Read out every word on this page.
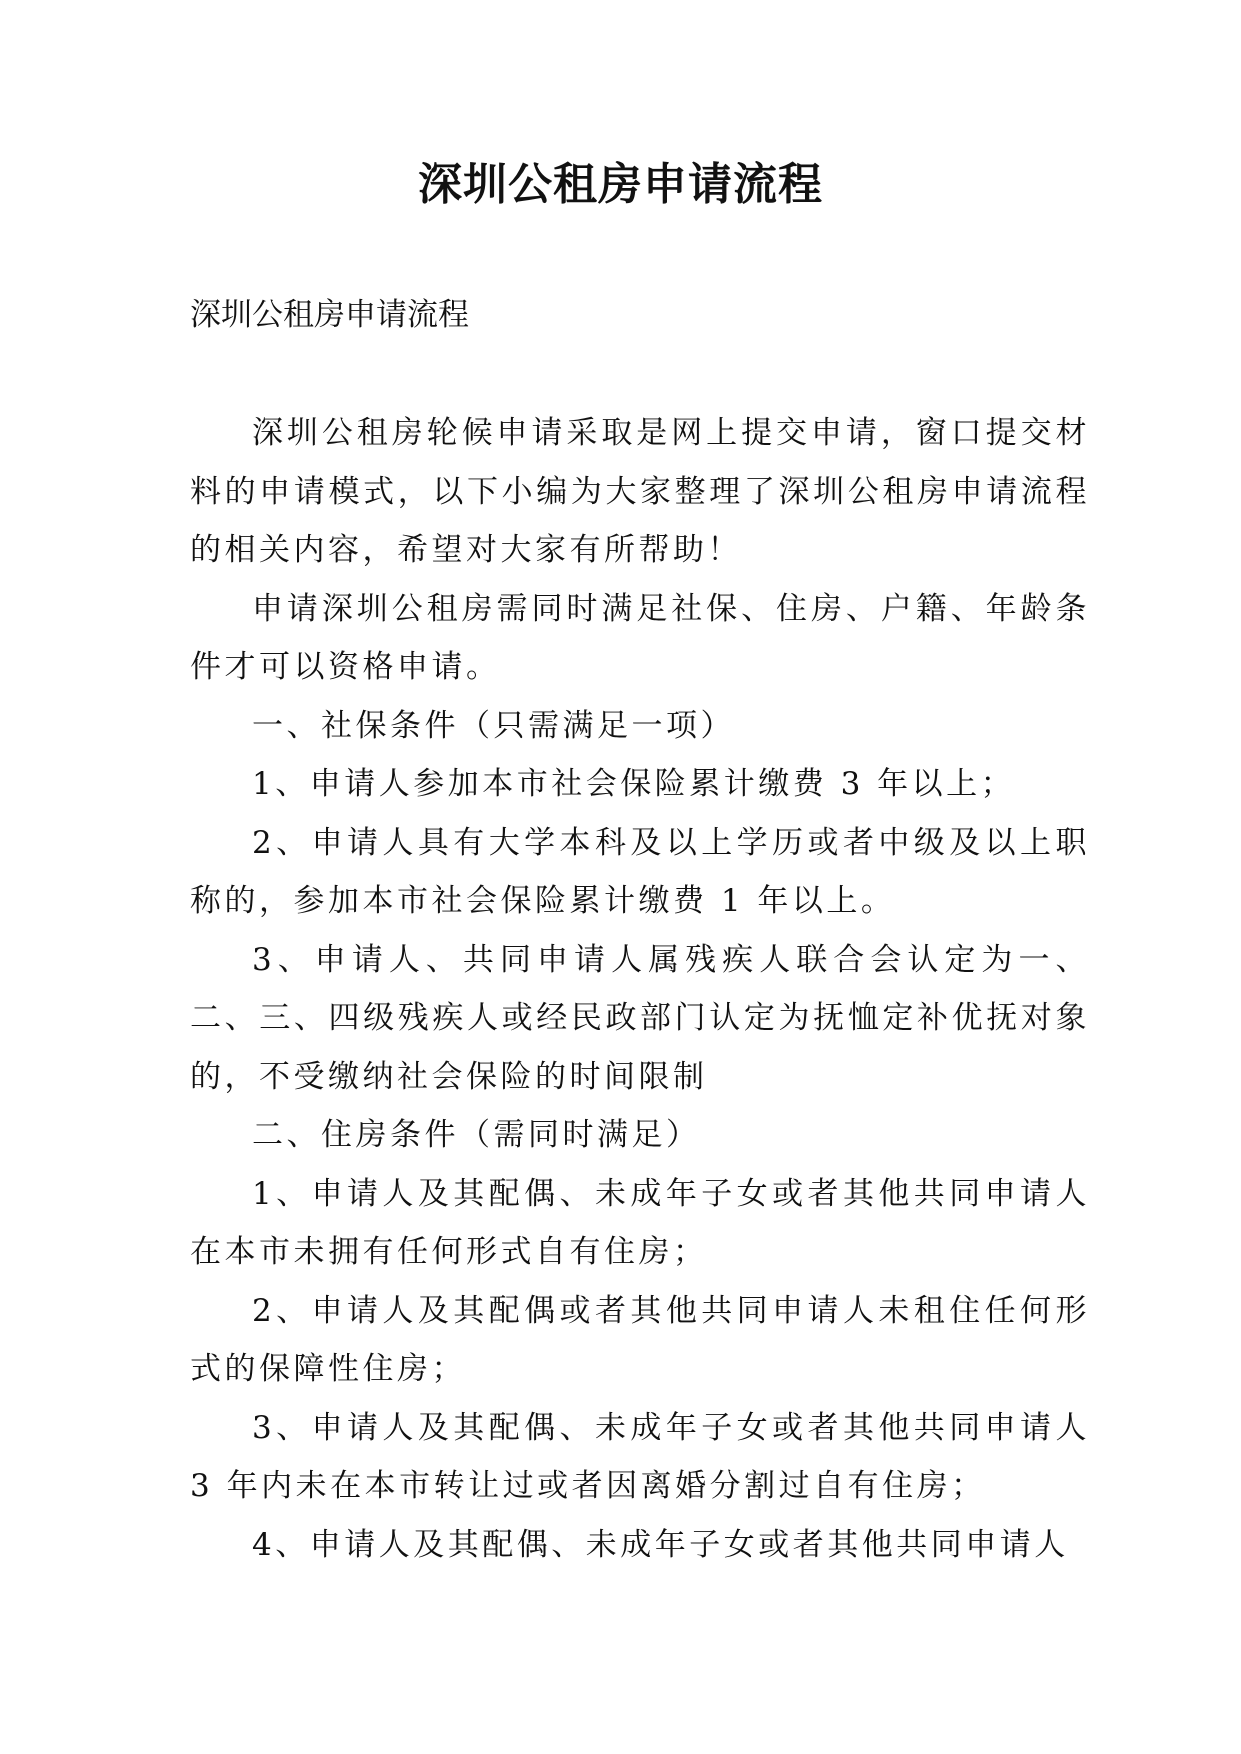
深圳公租房申请流程
深圳公租房申请流程

深圳公租房轮候申请采取是网上提交申请，窗口提交材料的申请模式，以下小编为大家整理了深圳公租房申请流程的相关内容，希望对大家有所帮助！

申请深圳公租房需同时满足社保、住房、户籍、年龄条件才可以资格申请。

一、社保条件（只需满足一项）

1、申请人参加本市社会保险累计缴费 3 年以上；

2、申请人具有大学本科及以上学历或者中级及以上职称的，参加本市社会保险累计缴费 1 年以上。

3、申请人、共同申请人属残疾人联合会认定为一、二、三、四级残疾人或经民政部门认定为抚恤定补优抚对象的，不受缴纳社会保险的时间限制

二、住房条件（需同时满足）

1、申请人及其配偶、未成年子女或者其他共同申请人在本市未拥有任何形式自有住房；

2、申请人及其配偶或者其他共同申请人未租住任何形式的保障性住房；

3、申请人及其配偶、未成年子女或者其他共同申请人 3 年内未在本市转让过或者因离婚分割过自有住房；

4、申请人及其配偶、未成年子女或者其他共同申请人
